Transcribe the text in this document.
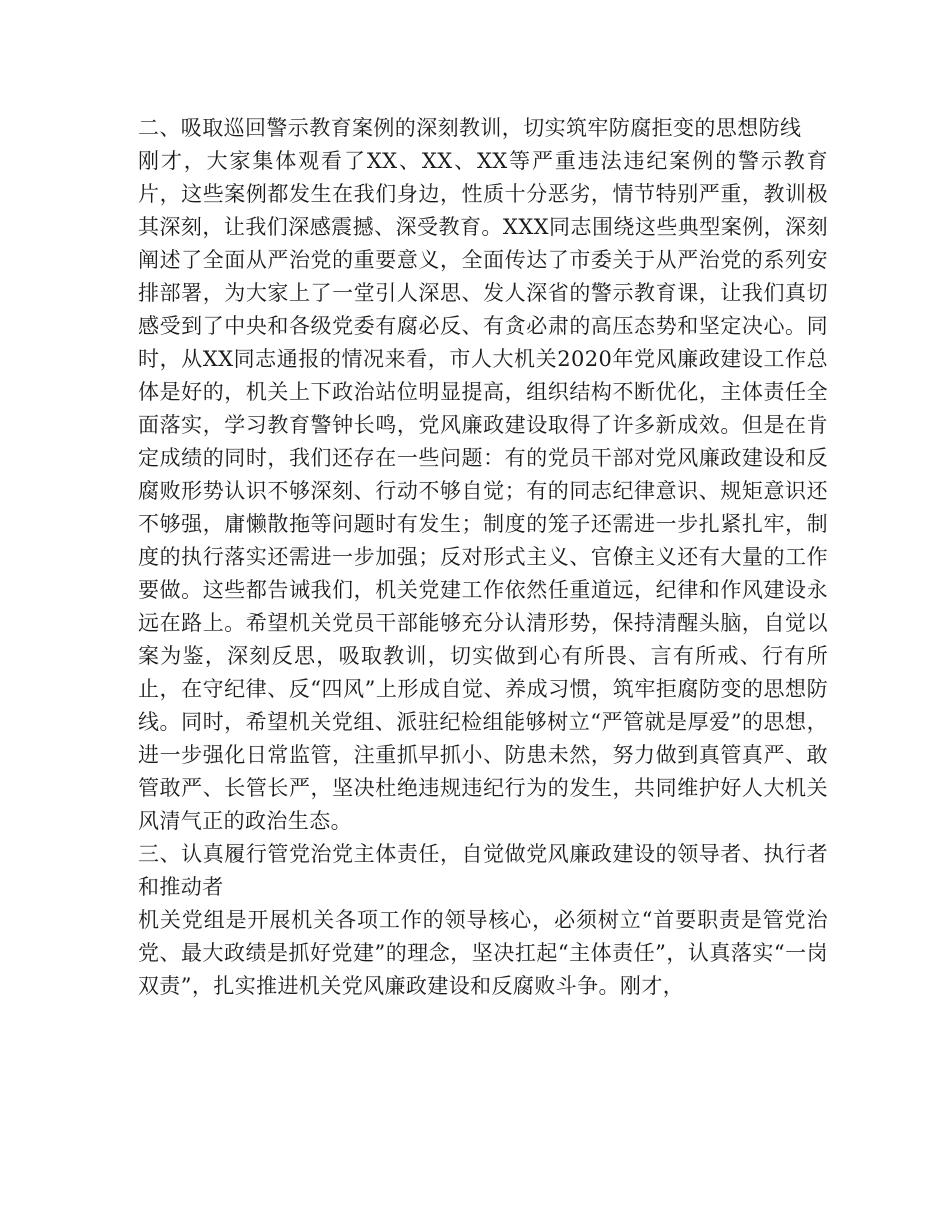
二、吸取巡回警示教育案例的深刻教训，切实筑牢防腐拒变的思想防线

刚才，大家集体观看了XX、XX、XX等严重违法违纪案例的警示教育片，这些案例都发生在我们身边，性质十分恶劣，情节特别严重，教训极其深刻，让我们深感震撼、深受教育。XXX同志围绕这些典型案例，深刻阐述了全面从严治党的重要意义，全面传达了市委关于从严治党的系列安排部署，为大家上了一堂引人深思、发人深省的警示教育课，让我们真切感受到了中央和各级党委有腐必反、有贪必肃的高压态势和坚定决心。同时，从XX同志通报的情况来看，市人大机关2020年党风廉政建设工作总体是好的，机关上下政治站位明显提高，组织结构不断优化，主体责任全面落实，学习教育警钟长鸣，党风廉政建设取得了许多新成效。但是在肯定成绩的同时，我们还存在一些问题：有的党员干部对党风廉政建设和反腐败形势认识不够深刻、行动不够自觉；有的同志纪律意识、规矩意识还不够强，庸懒散拖等问题时有发生；制度的笼子还需进一步扎紧扎牢，制度的执行落实还需进一步加强；反对形式主义、官僚主义还有大量的工作要做。这些都告诫我们，机关党建工作依然任重道远，纪律和作风建设永远在路上。希望机关党员干部能够充分认清形势，保持清醒头脑，自觉以案为鉴，深刻反思，吸取教训，切实做到心有所畏、言有所戒、行有所止，在守纪律、反“四风”上形成自觉、养成习惯，筑牢拒腐防变的思想防线。同时，希望机关党组、派驻纪检组能够树立“严管就是厚爱”的思想，进一步强化日常监管，注重抓早抓小、防患未然，努力做到真管真严、敢管敢严、长管长严，坚决杜绝违规违纪行为的发生，共同维护好人大机关风清气正的政治生态。

三、认真履行管党治党主体责任，自觉做党风廉政建设的领导者、执行者和推动者

机关党组是开展机关各项工作的领导核心，必须树立“首要职责是管党治党、最大政绩是抓好党建”的理念，坚决扛起“主体责任”，认真落实“一岗双责”，扎实推进机关党风廉政建设和反腐败斗争。刚才，
